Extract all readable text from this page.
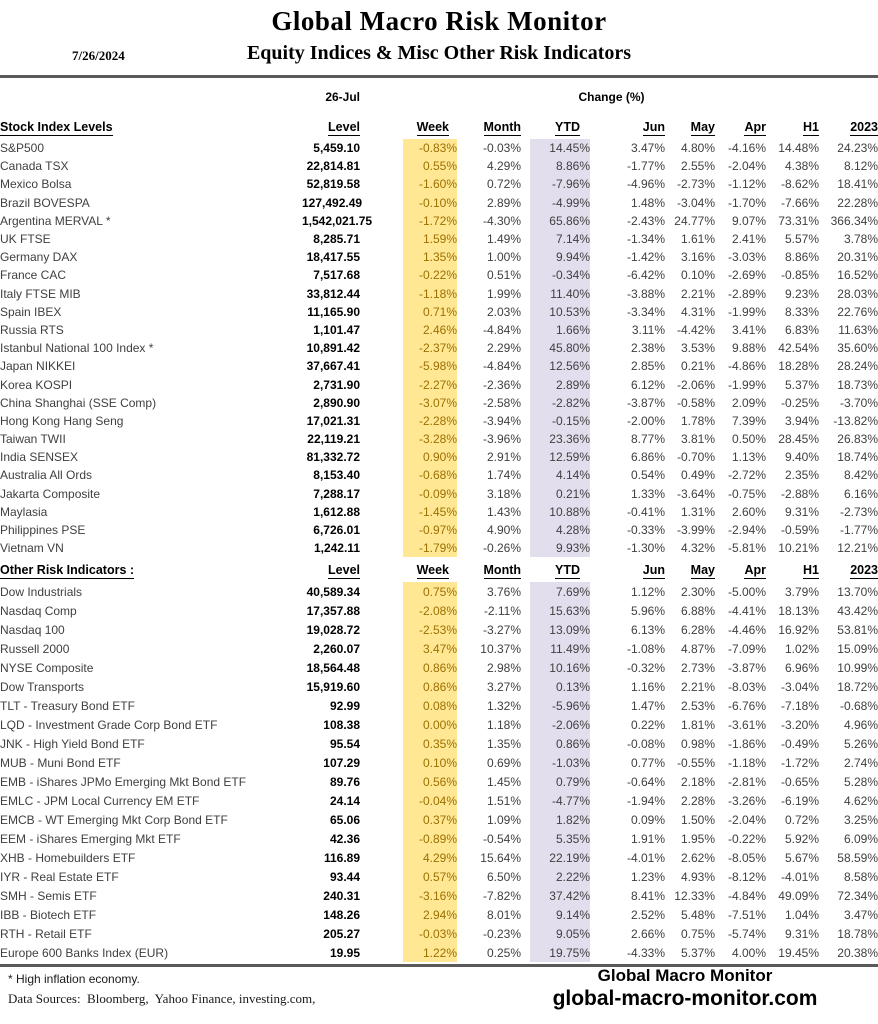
7/26/2024
Global Macro Risk Monitor
Equity Indices & Misc Other Risk Indicators
	26-Jul			Change (%)							
Stock Index Levels	Level		Week	Month		YTD	Jun	May	Apr	H1	2023
S&P500	5,459.10		-0.83%	-0.03%		14.45%	3.47%	4.80%	-4.16%	14.48%	24.23%
Canada TSX	22,814.81		0.55%	4.29%		8.86%	-1.77%	2.55%	-2.04%	4.38%	8.12%
Mexico Bolsa	52,819.58		-1.60%	0.72%		-7.96%	-4.96%	-2.73%	-1.12%	-8.62%	18.41%
Brazil BOVESPA	127,492.49		-0.10%	2.89%		-4.99%	1.48%	-3.04%	-1.70%	-7.66%	22.28%
Argentina MERVAL *	1,542,021.75		-1.72%	-4.30%		65.86%	-2.43%	24.77%	9.07%	73.31%	366.34%
UK FTSE	8,285.71		1.59%	1.49%		7.14%	-1.34%	1.61%	2.41%	5.57%	3.78%
Germany DAX	18,417.55		1.35%	1.00%		9.94%	-1.42%	3.16%	-3.03%	8.86%	20.31%
France CAC	7,517.68		-0.22%	0.51%		-0.34%	-6.42%	0.10%	-2.69%	-0.85%	16.52%
Italy FTSE MIB	33,812.44		-1.18%	1.99%		11.40%	-3.88%	2.21%	-2.89%	9.23%	28.03%
Spain IBEX	11,165.90		0.71%	2.03%		10.53%	-3.34%	4.31%	-1.99%	8.33%	22.76%
Russia RTS	1,101.47		2.46%	-4.84%		1.66%	3.11%	-4.42%	3.41%	6.83%	11.63%
Istanbul National 100 Index *	10,891.42		-2.37%	2.29%		45.80%	2.38%	3.53%	9.88%	42.54%	35.60%
Japan NIKKEI	37,667.41		-5.98%	-4.84%		12.56%	2.85%	0.21%	-4.86%	18.28%	28.24%
Korea KOSPI	2,731.90		-2.27%	-2.36%		2.89%	6.12%	-2.06%	-1.99%	5.37%	18.73%
China Shanghai (SSE Comp)	2,890.90		-3.07%	-2.58%		-2.82%	-3.87%	-0.58%	2.09%	-0.25%	-3.70%
Hong Kong Hang Seng	17,021.31		-2.28%	-3.94%		-0.15%	-2.00%	1.78%	7.39%	3.94%	-13.82%
Taiwan TWII	22,119.21		-3.28%	-3.96%		23.36%	8.77%	3.81%	0.50%	28.45%	26.83%
India SENSEX	81,332.72		0.90%	2.91%		12.59%	6.86%	-0.70%	1.13%	9.40%	18.74%
Australia All Ords	8,153.40		-0.68%	1.74%		4.14%	0.54%	0.49%	-2.72%	2.35%	8.42%
Jakarta Composite	7,288.17		-0.09%	3.18%		0.21%	1.33%	-3.64%	-0.75%	-2.88%	6.16%
Maylasia	1,612.88		-1.45%	1.43%		10.88%	-0.41%	1.31%	2.60%	9.31%	-2.73%
Philippines PSE	6,726.01		-0.97%	4.90%		4.28%	-0.33%	-3.99%	-2.94%	-0.59%	-1.77%
Vietnam VN	1,242.11		-1.79%	-0.26%		9.93%	-1.30%	4.32%	-5.81%	10.21%	12.21%
Other Risk Indicators :	Level		Week	Month		YTD	Jun	May	Apr	H1	2023
Dow Industrials	40,589.34		0.75%	3.76%		7.69%	1.12%	2.30%	-5.00%	3.79%	13.70%
Nasdaq Comp	17,357.88		-2.08%	-2.11%		15.63%	5.96%	6.88%	-4.41%	18.13%	43.42%
Nasdaq 100	19,028.72		-2.53%	-3.27%		13.09%	6.13%	6.28%	-4.46%	16.92%	53.81%
Russell 2000	2,260.07		3.47%	10.37%		11.49%	-1.08%	4.87%	-7.09%	1.02%	15.09%
NYSE Composite	18,564.48		0.86%	2.98%		10.16%	-0.32%	2.73%	-3.87%	6.96%	10.99%
Dow Transports	15,919.60		0.86%	3.27%		0.13%	1.16%	2.21%	-8.03%	-3.04%	18.72%
TLT - Treasury Bond ETF	92.99		0.08%	1.32%		-5.96%	1.47%	2.53%	-6.76%	-7.18%	-0.68%
LQD - Investment Grade Corp Bond ETF	108.38		0.00%	1.18%		-2.06%	0.22%	1.81%	-3.61%	-3.20%	4.96%
JNK - High Yield Bond ETF	95.54		0.35%	1.35%		0.86%	-0.08%	0.98%	-1.86%	-0.49%	5.26%
MUB - Muni Bond ETF	107.29		0.10%	0.69%		-1.03%	0.77%	-0.55%	-1.18%	-1.72%	2.74%
EMB - iShares JPMo Emerging Mkt Bond ETF	89.76		0.56%	1.45%		0.79%	-0.64%	2.18%	-2.81%	-0.65%	5.28%
EMLC - JPM Local Currency EM ETF	24.14		-0.04%	1.51%		-4.77%	-1.94%	2.28%	-3.26%	-6.19%	4.62%
EMCB - WT Emerging Mkt Corp Bond ETF	65.06		0.37%	1.09%		1.82%	0.09%	1.50%	-2.04%	0.72%	3.25%
EEM - iShares Emerging Mkt ETF	42.36		-0.89%	-0.54%		5.35%	1.91%	1.95%	-0.22%	5.92%	6.09%
XHB - Homebuilders ETF	116.89		4.29%	15.64%		22.19%	-4.01%	2.62%	-8.05%	5.67%	58.59%
IYR - Real Estate ETF	93.44		0.57%	6.50%		2.22%	1.23%	4.93%	-8.12%	-4.01%	8.58%
SMH - Semis ETF	240.31		-3.16%	-7.82%		37.42%	8.41%	12.33%	-4.84%	49.09%	72.34%
IBB - Biotech ETF	148.26		2.94%	8.01%		9.14%	2.52%	5.48%	-7.51%	1.04%	3.47%
RTH - Retail ETF	205.27		-0.03%	-0.23%		9.05%	2.66%	0.75%	-5.74%	9.31%	18.78%
Europe 600 Banks Index (EUR)	19.95		1.22%	0.25%		19.75%	-4.33%	5.37%	4.00%	19.45%	20.38%
* High inflation economy.
Data Sources:  Bloomberg,  Yahoo Finance, investing.com,
Global Macro Monitor
global-macro-monitor.com
